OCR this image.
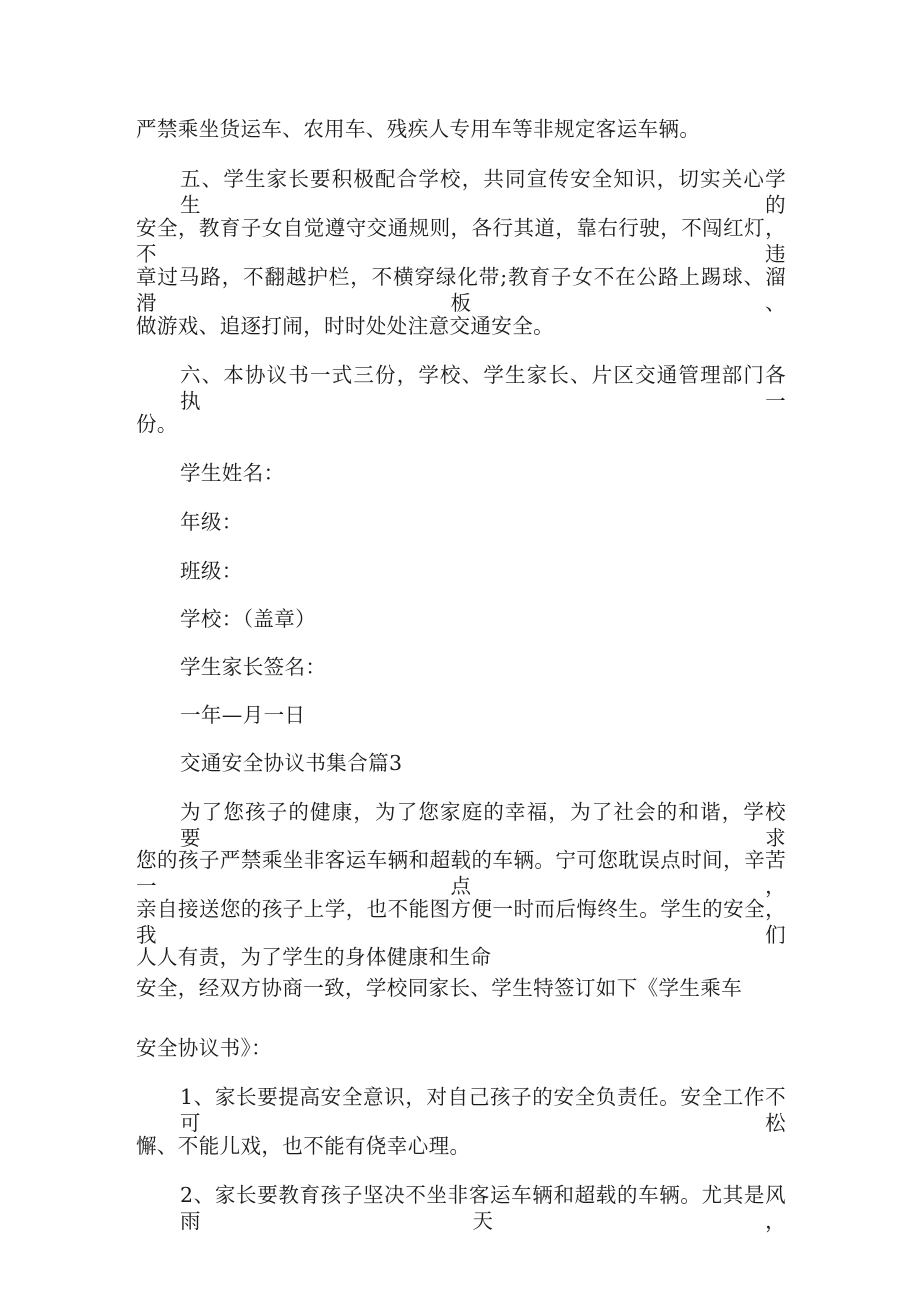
严禁乘坐货运车、农用车、残疾人专用车等非规定客运车辆。
五、学生家长要积极配合学校，共同宣传安全知识，切实关心学生的
安全，教育子女自觉遵守交通规则，各行其道，靠右行驶，不闯红灯，不违
章过马路，不翻越护栏，不横穿绿化带;教育子女不在公路上踢球、溜滑板、
做游戏、追逐打闹，时时处处注意交通安全。
六、本协议书一式三份，学校、学生家长、片区交通管理部门各执一
份。
学生姓名：
年级：
班级：
学校：（盖章）
学生家长签名：
一年—月一日
交通安全协议书集合篇3
为了您孩子的健康，为了您家庭的幸福，为了社会的和谐，学校要求
您的孩子严禁乘坐非客运车辆和超载的车辆。宁可您耽误点时间，辛苦一点，
亲自接送您的孩子上学，也不能图方便一时而后悔终生。学生的安全，我们
人人有责，为了学生的身体健康和生命
安全，经双方协商一致，学校同家长、学生特签订如下《学生乘车
安全协议书》：
1、家长要提高安全意识，对自己孩子的安全负责任。安全工作不可松
懈、不能儿戏，也不能有侥幸心理。
2、家长要教育孩子坚决不坐非客运车辆和超载的车辆。尤其是风雨天，
